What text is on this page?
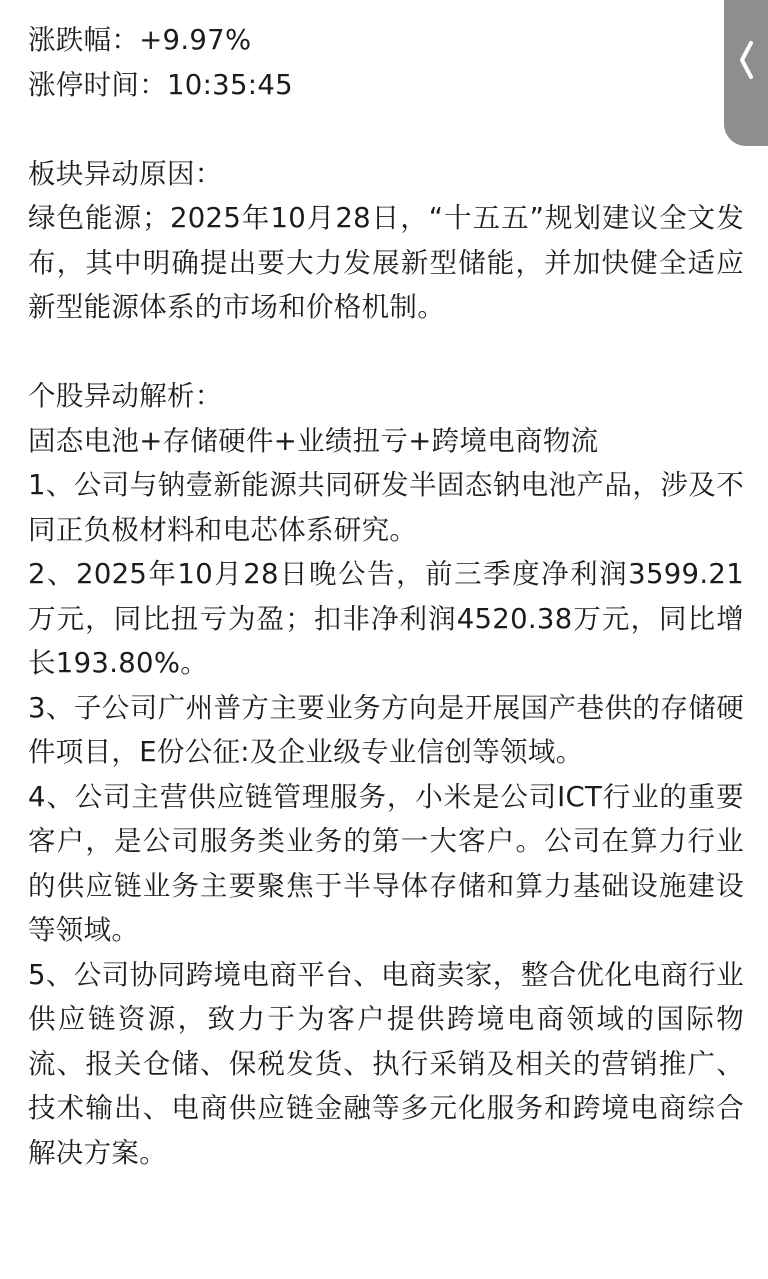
涨跌幅：+9.97%
涨停时间：10:35:45
板块异动原因：
绿色能源；2025年10月28日，“十五五”规划建议全文发布，其中明确提出要大力发展新型储能，并加快健全适应新型能源体系的市场和价格机制。
个股异动解析：
固态电池+存储硬件+业绩扭亏+跨境电商物流
1、公司与钠壹新能源共同研发半固态钠电池产品，涉及不同正负极材料和电芯体系研究。
2、2025年10月28日晚公告，前三季度净利润3599.21万元，同比扭亏为盈；扣非净利润4520.38万元，同比增长193.80%。
3、子公司广州普方主要业务方向是开展国产巷供的存储硬件项目，E份公征:及企业级专业信创等领域。
4、公司主营供应链管理服务，小米是公司ICT行业的重要客户，是公司服务类业务的第一大客户。公司在算力行业的供应链业务主要聚焦于半导体存储和算力基础设施建设等领域。
5、公司协同跨境电商平台、电商卖家，整合优化电商行业供应链资源，致力于为客户提供跨境电商领域的国际物流、报关仓储、保税发货、执行采销及相关的营销推广、技术输出、电商供应链金融等多元化服务和跨境电商综合解决方案。
